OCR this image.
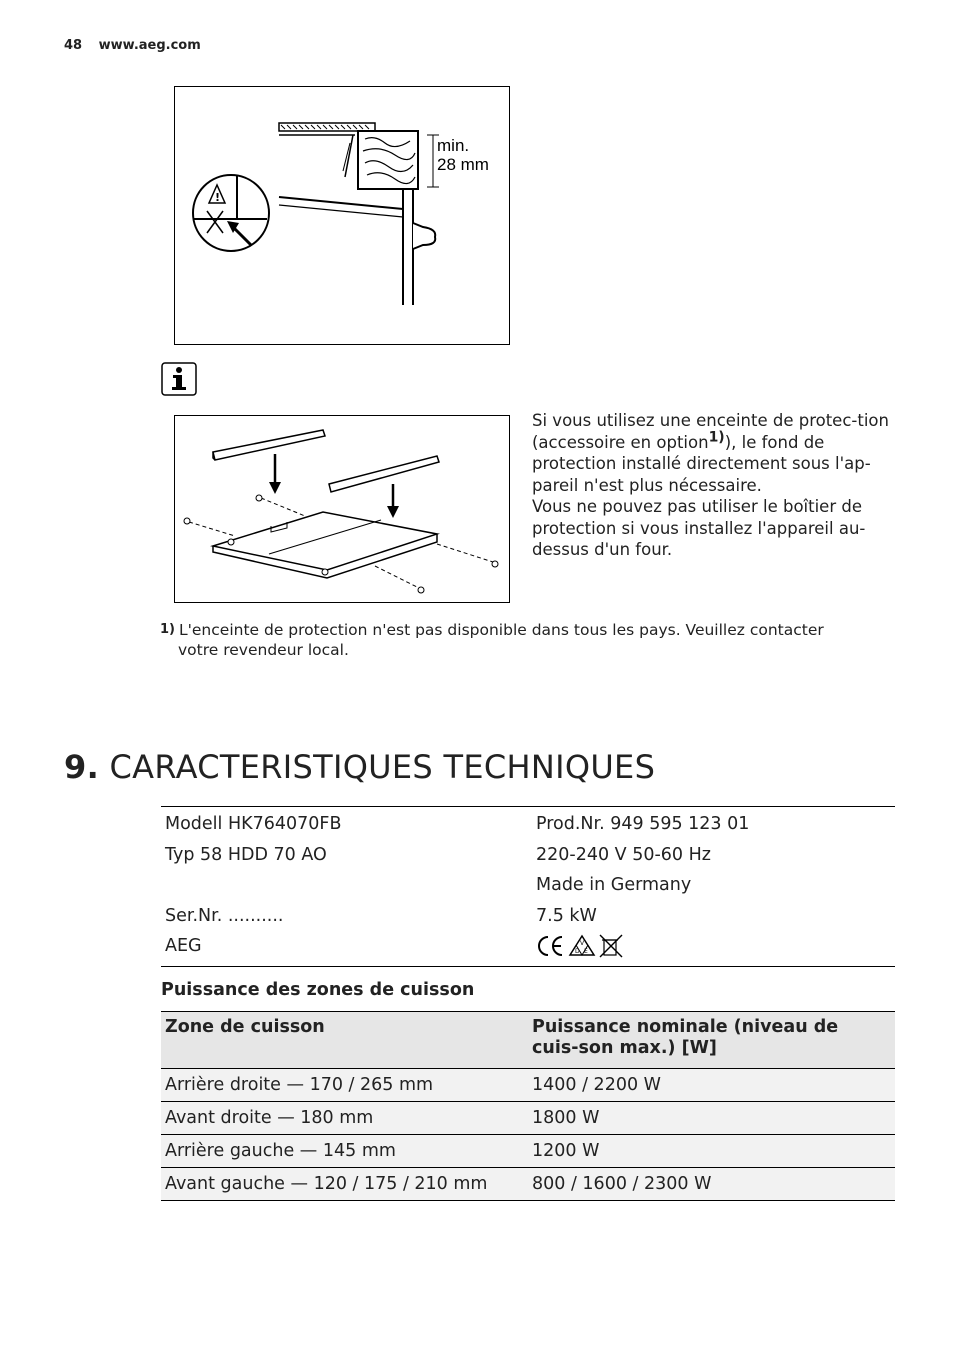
48 www.aeg.com
min.
28 mm
!
Si vous utilisez une enceinte de protec-tion (accessoire en option$^{1)}$), le fond de protection installé directement sous l'ap-pareil n'est plus nécessaire.
Vous ne pouvez pas utiliser le boîtier de protection si vous installez l'appareil au-dessus d'un four.
$^{1)}$ L'enceinte de protection n'est pas disponible dans tous les pays. Veuillez contacter
votre revendeur local.
9. CARACTERISTIQUES TECHNIQUES
Modell HK764070FB	Prod.Nr. 949 595 123 01
Typ 58 HDD 70 AO	220-240 V 50-60 Hz
Made in Germany
Ser.Nr. ..........	7.5 kW
AEG	V
D E
Puissance des zones de cuisson
Zone de cuisson	Puissance nominale (niveau de cuis-son max.) [W]
Arrière droite — 170 / 265 mm	1400 / 2200 W
Avant droite — 180 mm	1800 W
Arrière gauche — 145 mm	1200 W
Avant gauche — 120 / 175 / 210 mm	800 / 1600 / 2300 W
